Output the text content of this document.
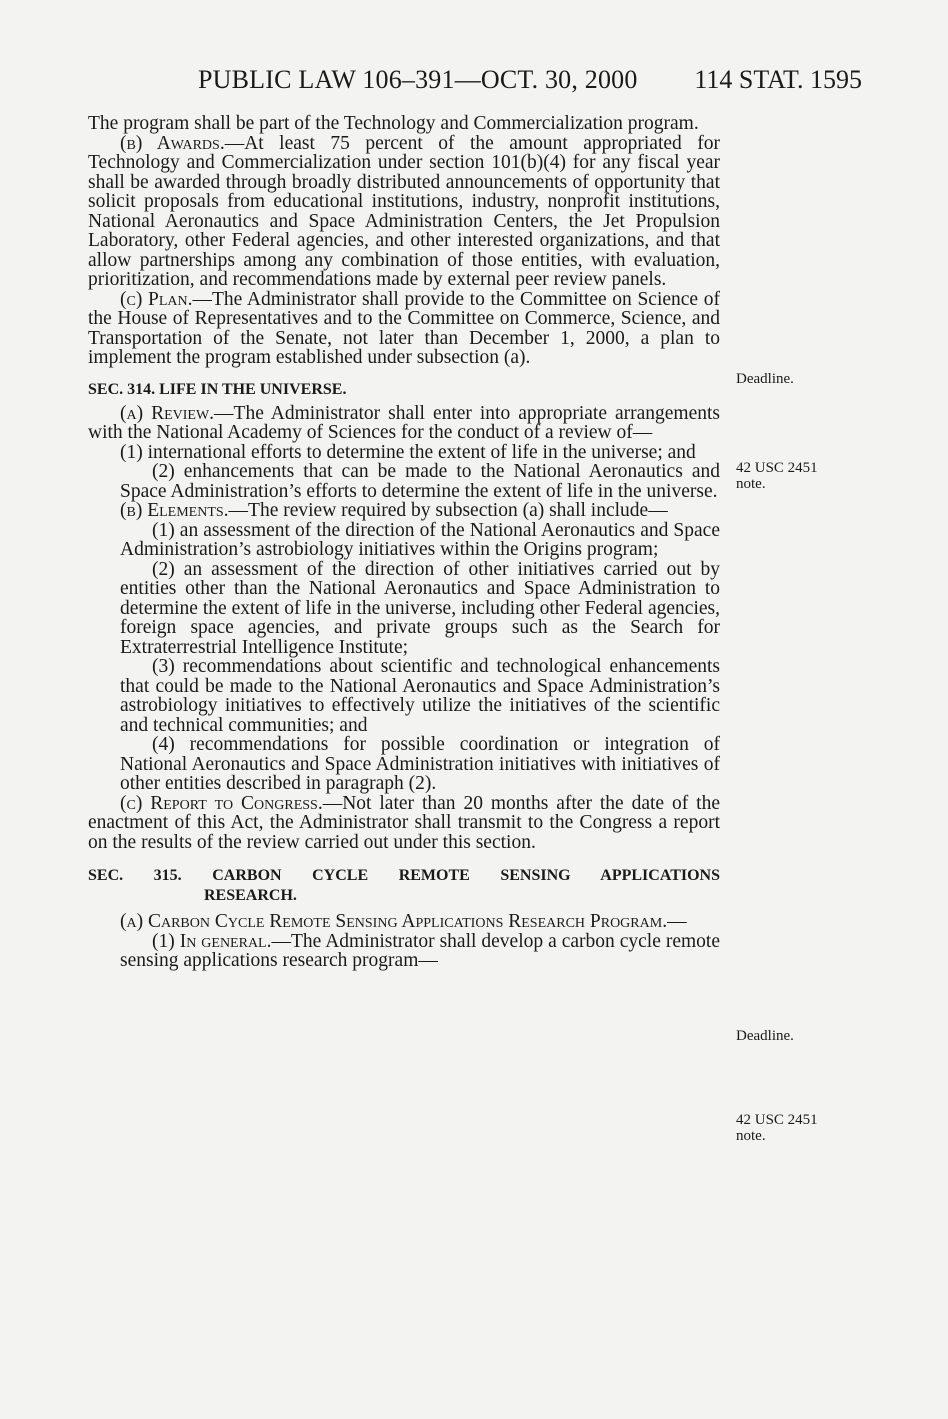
PUBLIC LAW 106–391—OCT. 30, 2000 114 STAT. 1595
Deadline.
42 USC 2451
note.
Deadline.
42 USC 2451
note.

The program shall be part of the Technology and Commercialization program.

(b) Awards.—At least 75 percent of the amount appropriated for Technology and Commercialization under section 101(b)(4) for any fiscal year shall be awarded through broadly distributed announcements of opportunity that solicit proposals from educational institutions, industry, nonprofit institutions, National Aeronautics and Space Administration Centers, the Jet Propulsion Laboratory, other Federal agencies, and other interested organizations, and that allow partnerships among any combination of those entities, with evaluation, prioritization, and recommendations made by external peer review panels.

(c) Plan.—The Administrator shall provide to the Committee on Science of the House of Representatives and to the Committee on Commerce, Science, and Transportation of the Senate, not later than December 1, 2000, a plan to implement the program established under subsection (a).

SEC. 314. LIFE IN THE UNIVERSE.

(a) Review.—The Administrator shall enter into appropriate arrangements with the National Academy of Sciences for the conduct of a review of—

(1) international efforts to determine the extent of life in the universe; and

(2) enhancements that can be made to the National Aeronautics and Space Administration’s efforts to determine the extent of life in the universe.

(b) Elements.—The review required by subsection (a) shall include—

(1) an assessment of the direction of the National Aeronautics and Space Administration’s astrobiology initiatives within the Origins program;

(2) an assessment of the direction of other initiatives carried out by entities other than the National Aeronautics and Space Administration to determine the extent of life in the universe, including other Federal agencies, foreign space agencies, and private groups such as the Search for Extraterrestrial Intelligence Institute;

(3) recommendations about scientific and technological enhancements that could be made to the National Aeronautics and Space Administration’s astrobiology initiatives to effectively utilize the initiatives of the scientific and technical communities; and

(4) recommendations for possible coordination or integration of National Aeronautics and Space Administration initiatives with initiatives of other entities described in paragraph (2).

(c) Report to Congress.—Not later than 20 months after the date of the enactment of this Act, the Administrator shall transmit to the Congress a report on the results of the review carried out under this section.

SEC. 315. CARBON CYCLE REMOTE SENSING APPLICATIONS
RESEARCH.

(a) Carbon Cycle Remote Sensing Applications Research Program.—

(1) In general.—The Administrator shall develop a carbon cycle remote sensing applications research program—
